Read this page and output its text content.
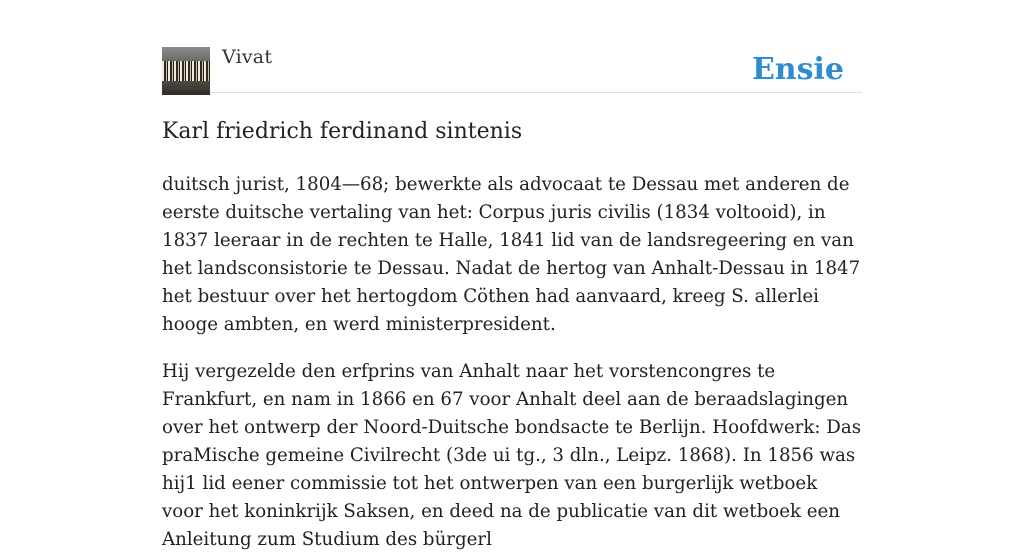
Vivat	Ensie
Karl friedrich ferdinand sintenis

duitsch jurist, 1804—68; bewerkte als advocaat te Dessau met anderen de eerste duitsche vertaling van het: Corpus juris civilis (1834 voltooid), in 1837 leeraar in de rechten te Halle, 1841 lid van de landsregeering en van het landsconsistorie te Dessau. Nadat de hertog van Anhalt-Dessau in 1847 het bestuur over het hertogdom Cöthen had aanvaard, kreeg S. allerlei hooge ambten, en werd ministerpresident.

Hij vergezelde den erfprins van Anhalt naar het vorstencongres te Frankfurt, en nam in 1866 en 67 voor Anhalt deel aan de beraadslagingen over het ontwerp der Noord-Duitsche bondsacte te Berlijn. Hoofdwerk: Das praMische gemeine Civilrecht (3de ui tg., 3 dln., Leipz. 1868). In 1856 was hij1 lid eener commissie tot het ontwerpen van een burgerlijk wetboek voor het koninkrijk Saksen, en deed na de publicatie van dit wetboek een Anleitung zum Studium des bürgerl
